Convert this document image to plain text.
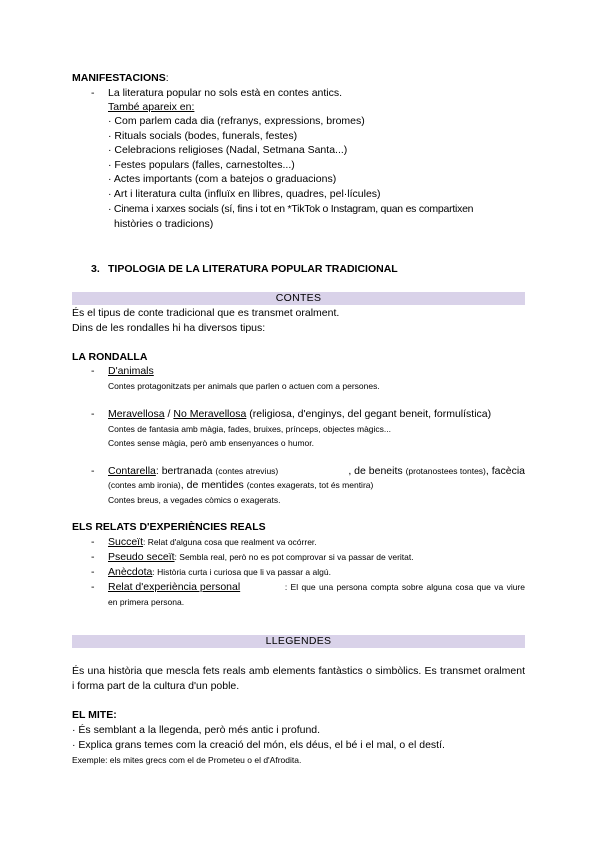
MANIFESTACIONS:
- La literatura popular no sols està en contes antics.
També apareix en:
· Com parlem cada dia (refranys, expressions, bromes)
· Rituals socials (bodes, funerals, festes)
· Celebracions religioses (Nadal, Setmana Santa...)
· Festes populars (falles, carnestoltes...)
· Actes importants (com a batejos o graduacions)
· Art i literatura culta (influïx en llibres, quadres, pel·lícules)
· Cinema i xarxes socials (sí, fins i tot en *TikTok o Instagram, quan es compartixen
històries o tradicions)
3. TIPOLOGIA DE LA LITERATURA POPULAR TRADICIONAL
CONTES
És el tipus de conte tradicional que es transmet oralment.
Dins de les rondalles hi ha diversos tipus:
LA RONDALLA
- D'animals
Contes protagonitzats per animals que parlen o actuen com a persones.
- Meravellosa / No Meravellosa (religiosa, d'enginys, del gegant beneit, formulística)
Contes de fantasia amb màgia, fades, bruixes, prínceps, objectes màgics...
Contes sense màgia, però amb ensenyances o humor.
- Contarella: bertranada (contes atrevius)	, de beneits (protanostees tontes), facècia
(contes amb ironia), de mentides (contes exagerats, tot és mentira)
Contes breus, a vegades còmics o exagerats.
ELS RELATS D'EXPERIÈNCIES REALS
- Succeït: Relat d'alguna cosa que realment va ocórrer.
- Pseudo seceït: Sembla real, però no es pot comprovar si va passar de veritat.
- Anècdota: Història curta i curiosa que li va passar a algú.
- Relat d'experiència personal	: El que una persona compta sobre alguna cosa que va viure
en primera persona.
LLEGENDES
És una història que mescla fets reals amb elements fantàstics o simbòlics. Es transmet oralment i forma part de la cultura d'un poble.
EL MITE:
· És semblant a la llegenda, però més antic i profund.
· Explica grans temes com la creació del món, els déus, el bé i el mal, o el destí.
Exemple: els mites grecs com el de Prometeu o el d'Afrodita.
